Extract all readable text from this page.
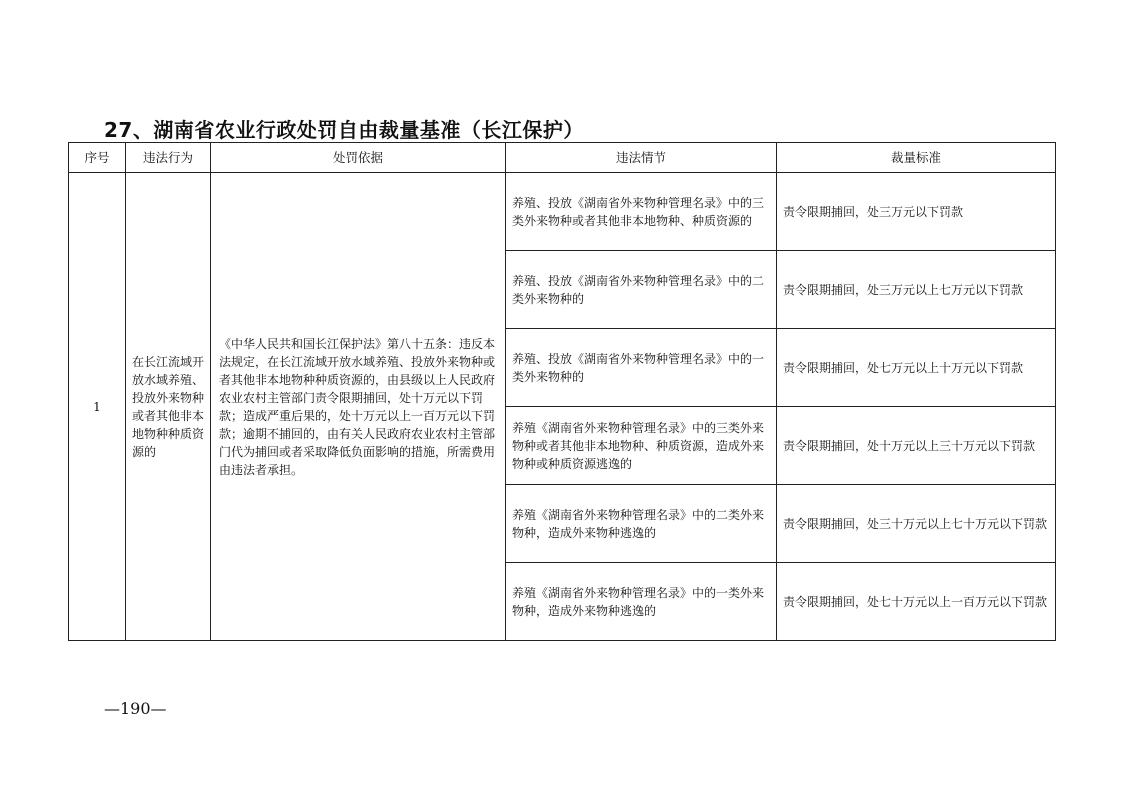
27、湖南省农业行政处罚自由裁量基准（长江保护）
序号	违法行为	处罚依据	违法情节	裁量标准
1	在长江流域开放水域养殖、投放外来物种或者其他非本地物种种质资源的	《中华人民共和国长江保护法》第八十五条：违反本法规定，在长江流域开放水域养殖、投放外来物种或者其他非本地物种种质资源的，由县级以上人民政府农业农村主管部门责令限期捕回，处十万元以下罚款；造成严重后果的，处十万元以上一百万元以下罚款；逾期不捕回的，由有关人民政府农业农村主管部门代为捕回或者采取降低负面影响的措施，所需费用由违法者承担。	养殖、投放《湖南省外来物种管理名录》中的三类外来物种或者其他非本地物种、种质资源的	责令限期捕回，处三万元以下罚款
			养殖、投放《湖南省外来物种管理名录》中的二类外来物种的	责令限期捕回，处三万元以上七万元以下罚款
			养殖、投放《湖南省外来物种管理名录》中的一类外来物种的	责令限期捕回，处七万元以上十万元以下罚款
			养殖《湖南省外来物种管理名录》中的三类外来物种或者其他非本地物种、种质资源，造成外来物种或种质资源逃逸的	责令限期捕回，处十万元以上三十万元以下罚款
			养殖《湖南省外来物种管理名录》中的二类外来物种，造成外来物种逃逸的	责令限期捕回，处三十万元以上七十万元以下罚款
			养殖《湖南省外来物种管理名录》中的一类外来物种，造成外来物种逃逸的	责令限期捕回，处七十万元以上一百万元以下罚款
—190—
